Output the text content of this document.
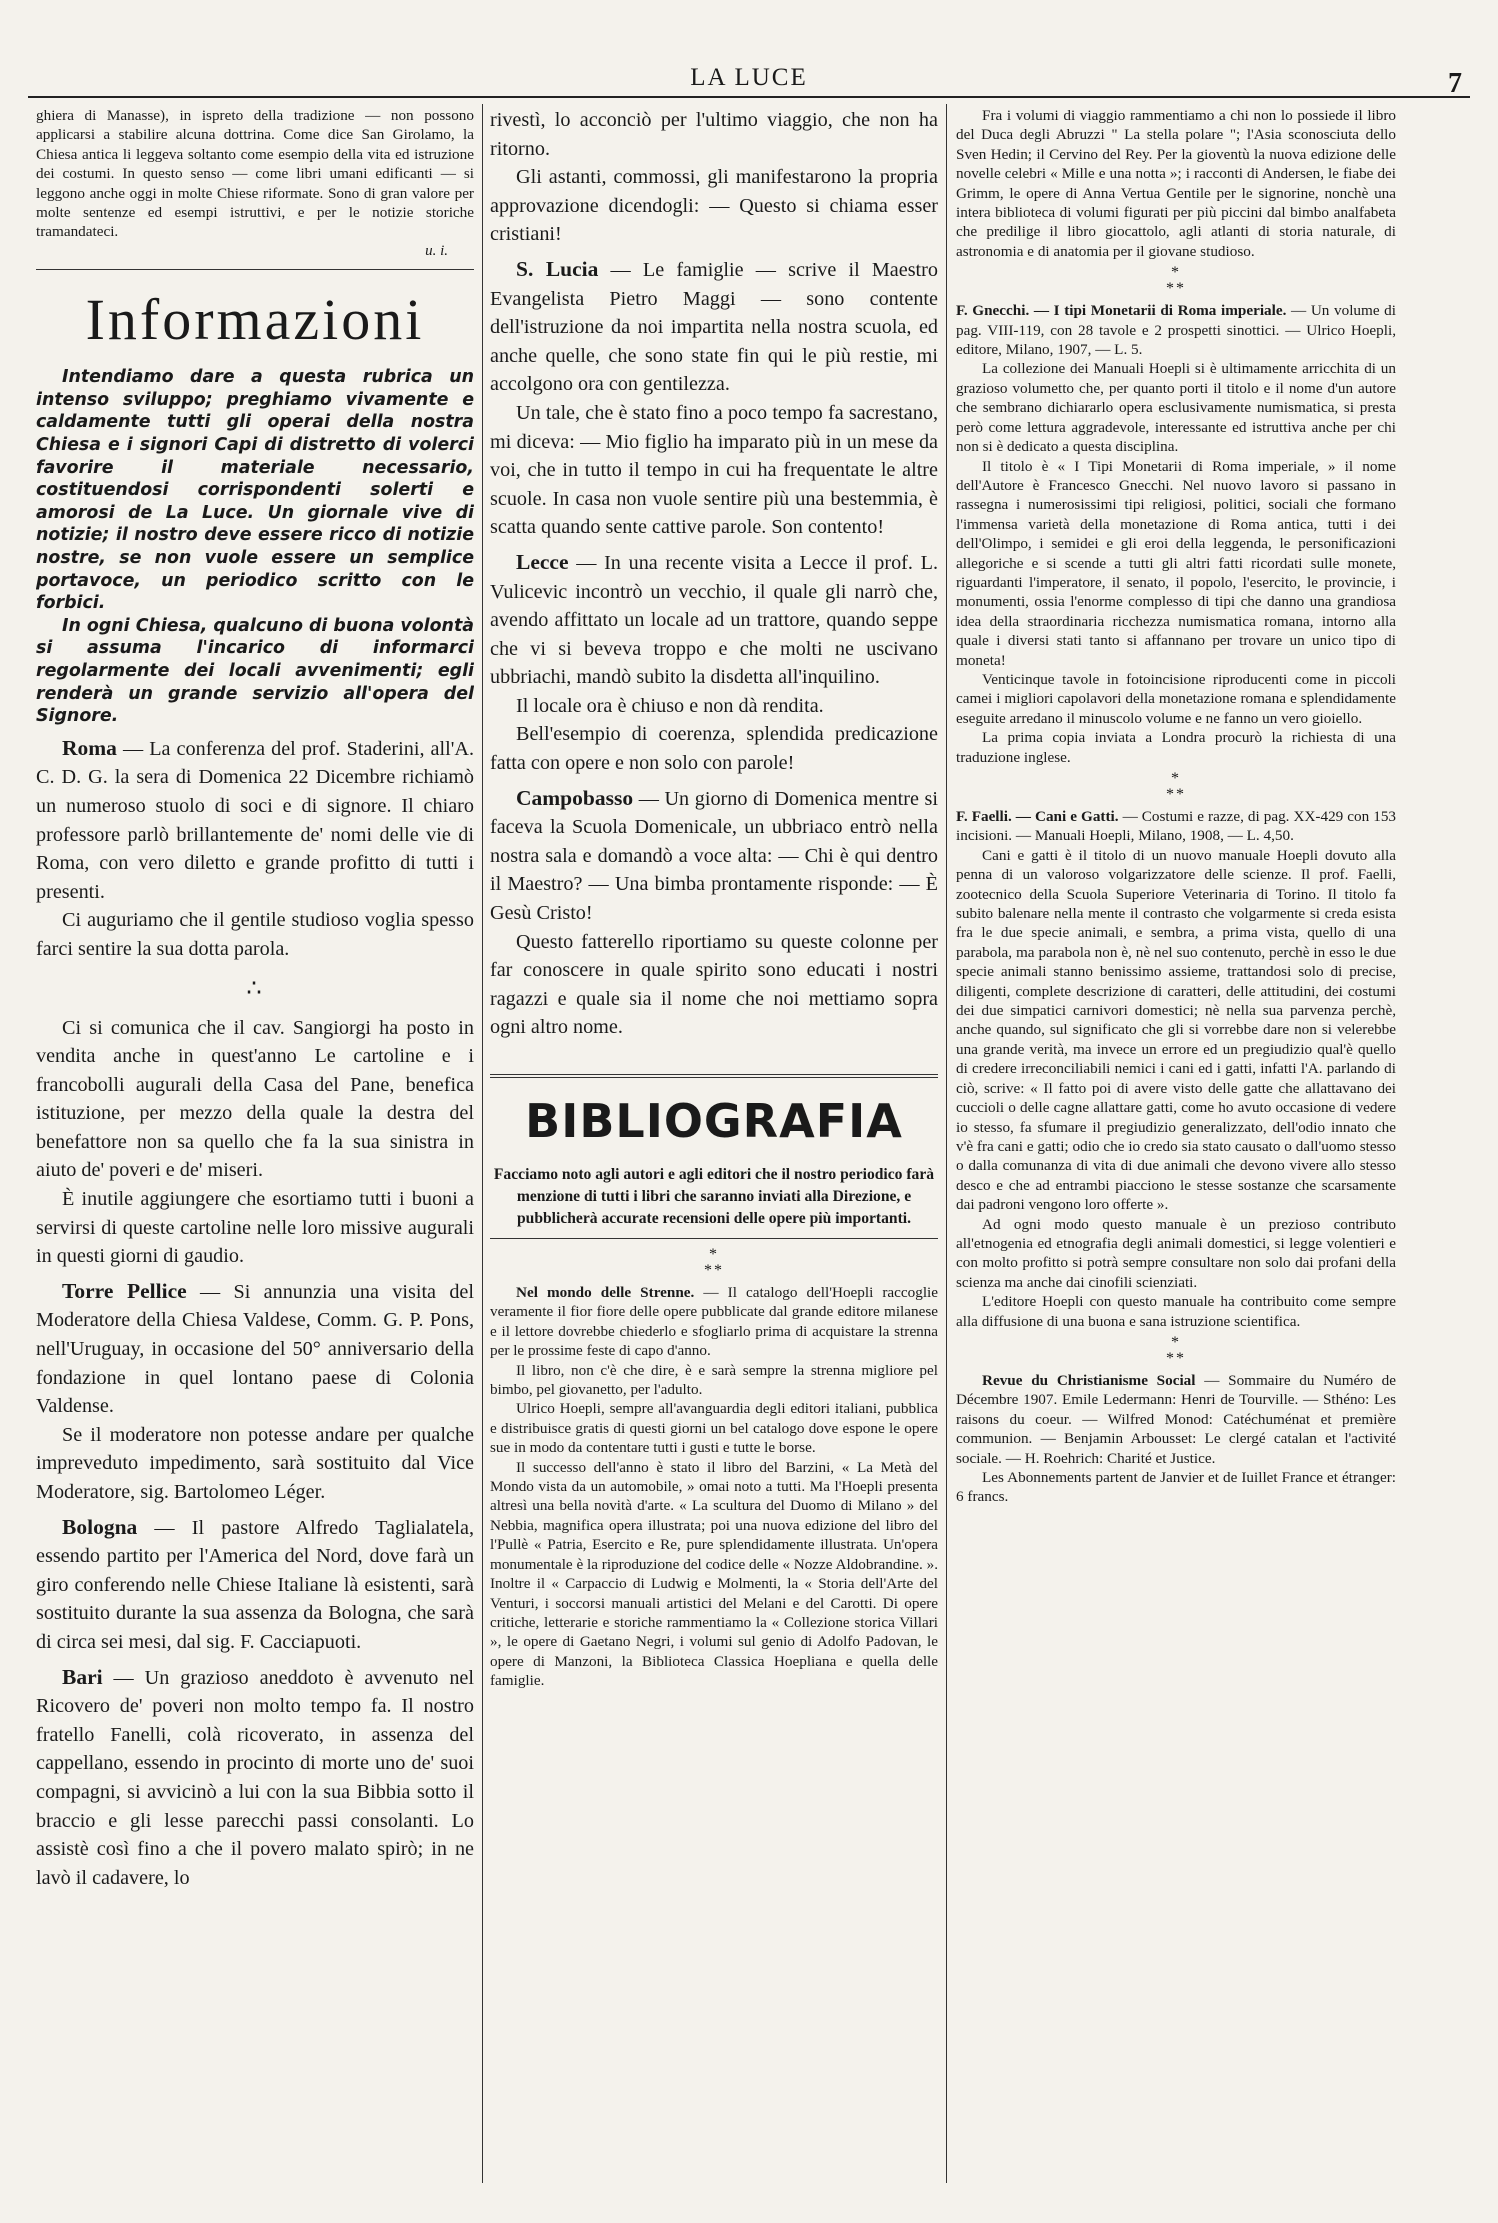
LA LUCE	7

ghiera di Manasse), in ispreto della tradizione — non possono applicarsi a stabilire alcuna dottrina. Come dice San Girolamo, la Chiesa antica li leggeva soltanto come esempio della vita ed istruzione dei costumi. In questo senso — come libri umani edificanti — si leggono anche oggi in molte Chiese riformate. Sono di gran valore per molte sentenze ed esempi istruttivi, e per le notizie storiche tramandateci.

u. i.

Informazioni

Intendiamo dare a questa rubrica un intenso sviluppo; preghiamo vivamente e caldamente tutti gli operai della nostra Chiesa e i signori Capi di distretto di volerci favorire il materiale necessario, costituendosi corrispondenti solerti e amorosi de La Luce. Un giornale vive di notizie; il nostro deve essere ricco di notizie nostre, se non vuole essere un semplice portavoce, un periodico scritto con le forbici.

In ogni Chiesa, qualcuno di buona volontà si assuma l'incarico di informarci regolarmente dei locali avvenimenti; egli renderà un grande servizio all'opera del Signore.

Roma — La conferenza del prof. Staderini, all'A. C. D. G. la sera di Domenica 22 Dicembre richiamò un numeroso stuolo di soci e di signore. Il chiaro professore parlò brillantemente de' nomi delle vie di Roma, con vero diletto e grande profitto di tutti i presenti.

Ci auguriamo che il gentile studioso voglia spesso farci sentire la sua dotta parola.

∴

Ci si comunica che il cav. Sangiorgi ha posto in vendita anche in quest'anno Le cartoline e i francobolli augurali della Casa del Pane, benefica istituzione, per mezzo della quale la destra del benefattore non sa quello che fa la sua sinistra in aiuto de' poveri e de' miseri.

È inutile aggiungere che esortiamo tutti i buoni a servirsi di queste cartoline nelle loro missive augurali in questi giorni di gaudio.

Torre Pellice — Si annunzia una visita del Moderatore della Chiesa Valdese, Comm. G. P. Pons, nell'Uruguay, in occasione del 50° anniversario della fondazione in quel lontano paese di Colonia Valdense.

Se il moderatore non potesse andare per qualche impreveduto impedimento, sarà sostituito dal Vice Moderatore, sig. Bartolomeo Léger.

Bologna — Il pastore Alfredo Taglialatela, essendo partito per l'America del Nord, dove farà un giro conferendo nelle Chiese Italiane là esistenti, sarà sostituito durante la sua assenza da Bologna, che sarà di circa sei mesi, dal sig. F. Cacciapuoti.

Bari — Un grazioso aneddoto è avvenuto nel Ricovero de' poveri non molto tempo fa. Il nostro fratello Fanelli, colà ricoverato, in assenza del cappellano, essendo in procinto di morte uno de' suoi compagni, si avvicinò a lui con la sua Bibbia sotto il braccio e gli lesse parecchi passi consolanti. Lo assistè così fino a che il povero malato spirò; in ne lavò il cadavere, lo

rivestì, lo acconciò per l'ultimo viaggio, che non ha ritorno.

Gli astanti, commossi, gli manifestarono la propria approvazione dicendogli: — Questo si chiama esser cristiani!

S. Lucia — Le famiglie — scrive il Maestro Evangelista Pietro Maggi — sono contente dell'istruzione da noi impartita nella nostra scuola, ed anche quelle, che sono state fin qui le più restie, mi accolgono ora con gentilezza.

Un tale, che è stato fino a poco tempo fa sacrestano, mi diceva: — Mio figlio ha imparato più in un mese da voi, che in tutto il tempo in cui ha frequentate le altre scuole. In casa non vuole sentire più una bestemmia, è scatta quando sente cattive parole. Son contento!

Lecce — In una recente visita a Lecce il prof. L. Vulicevic incontrò un vecchio, il quale gli narrò che, avendo affittato un locale ad un trattore, quando seppe che vi si beveva troppo e che molti ne uscivano ubbriachi, mandò subito la disdetta all'inquilino.

Il locale ora è chiuso e non dà rendita.

Bell'esempio di coerenza, splendida predicazione fatta con opere e non solo con parole!

Campobasso — Un giorno di Domenica mentre si faceva la Scuola Domenicale, un ubbriaco entrò nella nostra sala e domandò a voce alta: — Chi è qui dentro il Maestro? — Una bimba prontamente risponde: — È Gesù Cristo!

Questo fatterello riportiamo su queste colonne per far conoscere in quale spirito sono educati i nostri ragazzi e quale sia il nome che noi mettiamo sopra ogni altro nome.

BIBLIOGRAFIA

Facciamo noto agli autori e agli editori che il nostro periodico farà menzione di tutti i libri che saranno inviati alla Direzione, e pubblicherà accurate recensioni delle opere più importanti.

*
**

Nel mondo delle Strenne. — Il catalogo dell'Hoepli raccoglie veramente il fior fiore delle opere pubblicate dal grande editore milanese e il lettore dovrebbe chiederlo e sfogliarlo prima di acquistare la strenna per le prossime feste di capo d'anno.

Il libro, non c'è che dire, è e sarà sempre la strenna migliore pel bimbo, pel giovanetto, per l'adulto.

Ulrico Hoepli, sempre all'avanguardia degli editori italiani, pubblica e distribuisce gratis di questi giorni un bel catalogo dove espone le opere sue in modo da contentare tutti i gusti e tutte le borse.

Il successo dell'anno è stato il libro del Barzini, « La Metà del Mondo vista da un automobile, » omai noto a tutti. Ma l'Hoepli presenta altresì una bella novità d'arte. « La scultura del Duomo di Milano » del Nebbia, magnifica opera illustrata; poi una nuova edizione del libro del l'Pullè « Patria, Esercito e Re, pure splendidamente illustrata. Un'opera monumentale è la riproduzione del codice delle « Nozze Aldobrandine. ». Inoltre il « Carpaccio di Ludwig e Molmenti, la « Storia dell'Arte del Venturi, i soccorsi manuali artistici del Melani e del Carotti. Di opere critiche, letterarie e storiche rammentiamo la « Collezione storica Villari », le opere di Gaetano Negri, i volumi sul genio di Adolfo Padovan, le opere di Manzoni, la Biblioteca Classica Hoepliana e quella delle famiglie.

Fra i volumi di viaggio rammentiamo a chi non lo possiede il libro del Duca degli Abruzzi " La stella polare "; l'Asia sconosciuta dello Sven Hedin; il Cervino del Rey. Per la gioventù la nuova edizione delle novelle celebri « Mille e una notta »; i racconti di Andersen, le fiabe dei Grimm, le opere di Anna Vertua Gentile per le signorine, nonchè una intera biblioteca di volumi figurati per più piccini dal bimbo analfabeta che predilige il libro giocattolo, agli atlanti di storia naturale, di astronomia e di anatomia per il giovane studioso.

*
**

F. Gnecchi. — I tipi Monetarii di Roma imperiale. — Un volume di pag. VIII-119, con 28 tavole e 2 prospetti sinottici. — Ulrico Hoepli, editore, Milano, 1907, — L. 5.

La collezione dei Manuali Hoepli si è ultimamente arricchita di un grazioso volumetto che, per quanto porti il titolo e il nome d'un autore che sembrano dichiararlo opera esclusivamente numismatica, si presta però come lettura aggradevole, interessante ed istruttiva anche per chi non si è dedicato a questa disciplina.

Il titolo è « I Tipi Monetarii di Roma imperiale, » il nome dell'Autore è Francesco Gnecchi. Nel nuovo lavoro si passano in rassegna i numerosissimi tipi religiosi, politici, sociali che formano l'immensa varietà della monetazione di Roma antica, tutti i dei dell'Olimpo, i semidei e gli eroi della leggenda, le personificazioni allegoriche e si scende a tutti gli altri fatti ricordati sulle monete, riguardanti l'imperatore, il senato, il popolo, l'esercito, le provincie, i monumenti, ossia l'enorme complesso di tipi che danno una grandiosa idea della straordinaria ricchezza numismatica romana, intorno alla quale i diversi stati tanto si affannano per trovare un unico tipo di moneta!

Venticinque tavole in fotoincisione riproducenti come in piccoli camei i migliori capolavori della monetazione romana e splendidamente eseguite arredano il minuscolo volume e ne fanno un vero gioiello.

La prima copia inviata a Londra procurò la richiesta di una traduzione inglese.

*
**

F. Faelli. — Cani e Gatti. — Costumi e razze, di pag. XX-429 con 153 incisioni. — Manuali Hoepli, Milano, 1908, — L. 4,50.

Cani e gatti è il titolo di un nuovo manuale Hoepli dovuto alla penna di un valoroso volgarizzatore delle scienze. Il prof. Faelli, zootecnico della Scuola Superiore Veterinaria di Torino. Il titolo fa subito balenare nella mente il contrasto che volgarmente si creda esista fra le due specie animali, e sembra, a prima vista, quello di una parabola, ma parabola non è, nè nel suo contenuto, perchè in esso le due specie animali stanno benissimo assieme, trattandosi solo di precise, diligenti, complete descrizione di caratteri, delle attitudini, dei costumi dei due simpatici carnivori domestici; nè nella sua parvenza perchè, anche quando, sul significato che gli si vorrebbe dare non si velerebbe una grande verità, ma invece un errore ed un pregiudizio qual'è quello di credere irreconciliabili nemici i cani ed i gatti, infatti l'A. parlando di ciò, scrive: « Il fatto poi di avere visto delle gatte che allattavano dei cuccioli o delle cagne allattare gatti, come ho avuto occasione di vedere io stesso, fa sfumare il pregiudizio generalizzato, dell'odio innato che v'è fra cani e gatti; odio che io credo sia stato causato o dall'uomo stesso o dalla comunanza di vita di due animali che devono vivere allo stesso desco e che ad entrambi piacciono le stesse sostanze che scarsamente dai padroni vengono loro offerte ».

Ad ogni modo questo manuale è un prezioso contributo all'etnogenia ed etnografia degli animali domestici, si legge volentieri e con molto profitto si potrà sempre consultare non solo dai profani della scienza ma anche dai cinofili scienziati.

L'editore Hoepli con questo manuale ha contribuito come sempre alla diffusione di una buona e sana istruzione scientifica.

*
**

Revue du Christianisme Social — Sommaire du Numéro de Décembre 1907. Emile Ledermann: Henri de Tourville. — Sthéno: Les raisons du coeur. — Wilfred Monod: Catéchuménat et première communion. — Benjamin Arbousset: Le clergé catalan et l'activité sociale. — H. Roehrich: Charité et Justice.

Les Abonnements partent de Janvier et de Iuillet France et étranger: 6 francs.
